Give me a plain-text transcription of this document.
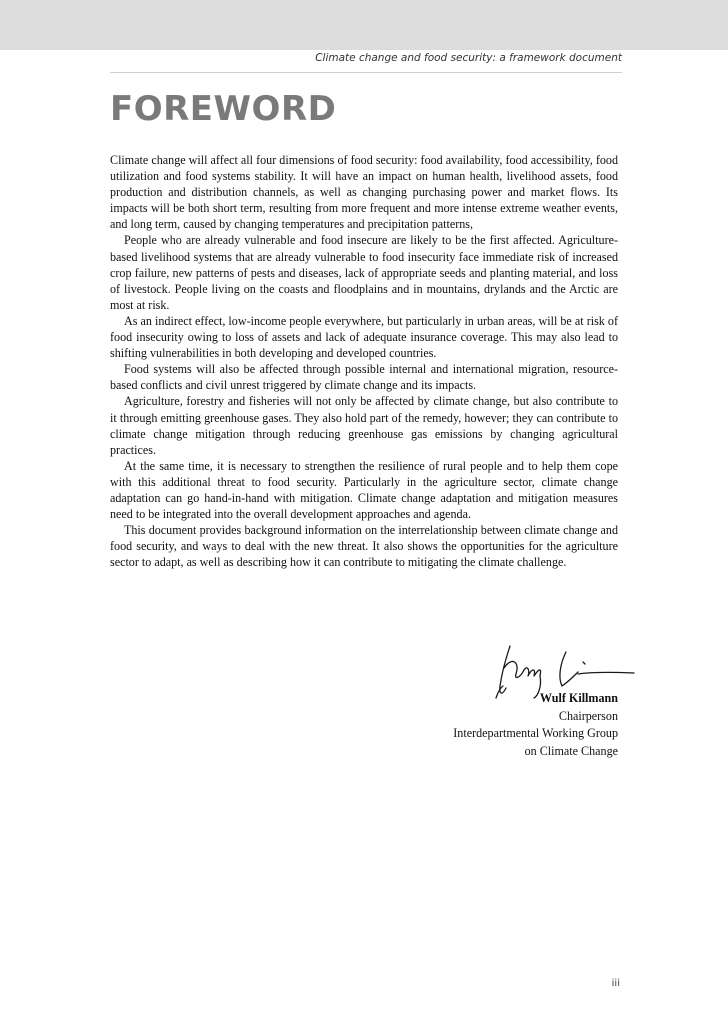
Climate change and food security: a framework document
FOREWORD

Climate change will affect all four dimensions of food security: food availability, food accessibility, food utilization and food systems stability. It will have an impact on human health, livelihood assets, food production and distribution channels, as well as changing purchasing power and market flows. Its impacts will be both short term, resulting from more frequent and more intense extreme weather events, and long term, caused by changing temperatures and precipitation patterns,

People who are already vulnerable and food insecure are likely to be the first affected. Agriculture-based livelihood systems that are already vulnerable to food insecurity face immediate risk of increased crop failure, new patterns of pests and diseases, lack of appropriate seeds and planting material, and loss of livestock. People living on the coasts and floodplains and in mountains, drylands and the Arctic are most at risk.

As an indirect effect, low-income people everywhere, but particularly in urban areas, will be at risk of food insecurity owing to loss of assets and lack of adequate insurance coverage. This may also lead to shifting vulnerabilities in both developing and developed countries.

Food systems will also be affected through possible internal and international migration, resource- based conflicts and civil unrest triggered by climate change and its impacts.

Agriculture, forestry and fisheries will not only be affected by climate change, but also contribute to it through emitting greenhouse gases. They also hold part of the remedy, however; they can contribute to climate change mitigation through reducing greenhouse gas emissions by changing agricultural practices.

At the same time, it is necessary to strengthen the resilience of rural people and to help them cope with this additional threat to food security. Particularly in the agriculture sector, climate change adaptation can go hand-in-hand with mitigation. Climate change adaptation and mitigation measures need to be integrated into the overall development approaches and agenda.

This document provides background information on the interrelationship between climate change and food security, and ways to deal with the new threat. It also shows the opportunities for the agriculture sector to adapt, as well as describing how it can contribute to mitigating the climate challenge.

Wulf Killmann
Chairperson
Interdepartmental Working Group
on Climate Change
iii
